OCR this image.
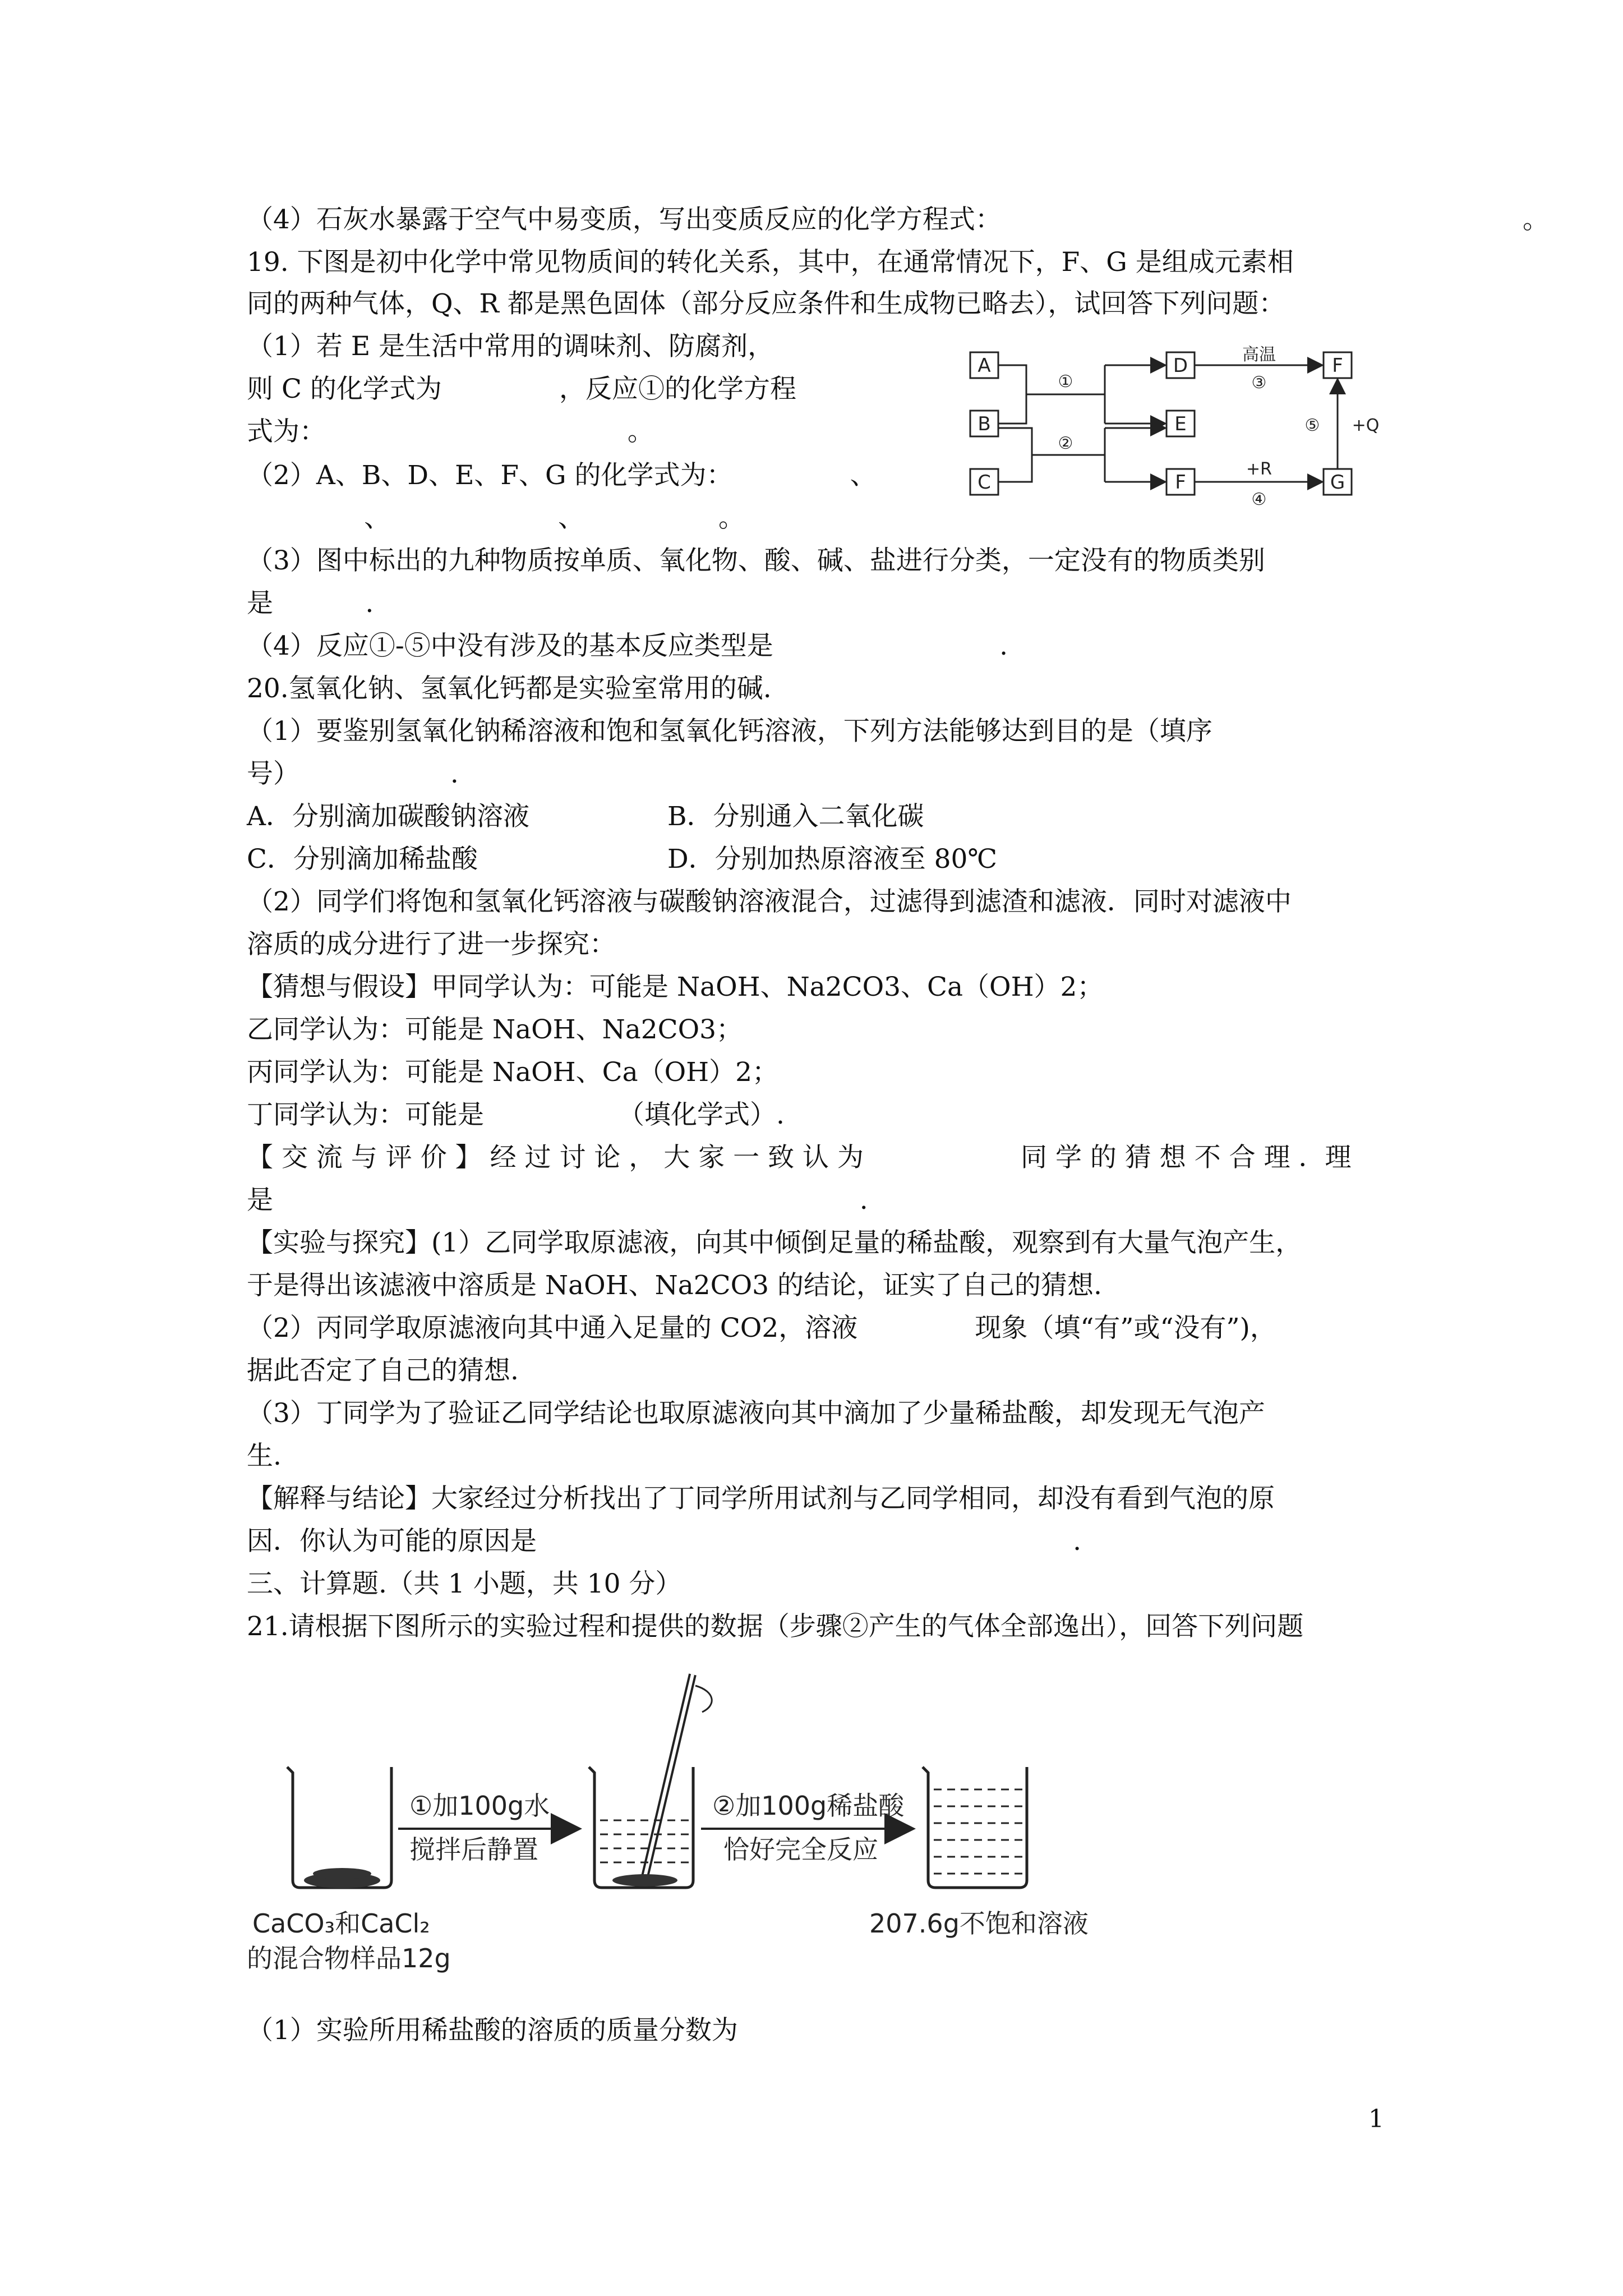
（4）石灰水暴露于空气中易变质，写出变质反应的化学方程式：	。
19. 下图是初中化学中常见物质间的转化关系，其中，在通常情况下，F、G 是组成元素相
同的两种气体，Q、R 都是黑色固体（部分反应条件和生成物已略去），试回答下列问题：
（1）若 E 是生活中常用的调味剂、防腐剂，
则 C 的化学式为              ，反应①的化学方程
式为：                                    。
（2）A、B、D、E、F、G 的化学式为：              、
、                    、                。
（3）图中标出的九种物质按单质、氧化物、酸、碱、盐进行分类，一定没有的物质类别
是           .
（4）反应①-⑤中没有涉及的基本反应类型是                           .
A
B
C
D
E
F
F
G
①
②
高温
③
+R
④
⑤ +Q
20.氢氧化钠、氢氧化钙都是实验室常用的碱.
（1）要鉴别氢氧化钠稀溶液和饱和氢氧化钙溶液，下列方法能够达到目的是（填序
号）                  .
A．分别滴加碳酸钠溶液	B．分别通入二氧化碳
C．分别滴加稀盐酸	D．分别加热原溶液至 80℃
（2）同学们将饱和氢氧化钙溶液与碳酸钠溶液混合，过滤得到滤渣和滤液．同时对滤液中
溶质的成分进行了进一步探究：
【猜想与假设】甲同学认为：可能是 NaOH、Na2CO3、Ca（OH）2；
乙同学认为：可能是 NaOH、Na2CO3；
丙同学认为：可能是 NaOH、Ca（OH）2；
丁同学认为：可能是                （填化学式）.
【 交 流 与 评 价 】 经 过 讨 论 ， 大 家 一 致 认 为	同 学 的 猜 想 不 合 理 ．理
是                                                                      .
【实验与探究】(1）乙同学取原滤液，向其中倾倒足量的稀盐酸，观察到有大量气泡产生，
于是得出该滤液中溶质是 NaOH、Na2CO3 的结论，证实了自己的猜想.
（2）丙同学取原滤液向其中通入足量的 CO2，溶液              现象（填“有”或“没有”)，
据此否定了自己的猜想.
（3）丁同学为了验证乙同学结论也取原滤液向其中滴加了少量稀盐酸，却发现无气泡产
生.
【解释与结论】大家经过分析找出了丁同学所用试剂与乙同学相同，却没有看到气泡的原
因．你认为可能的原因是                                                                .
三、计算题.（共 1 小题，共 10 分）
21.请根据下图所示的实验过程和提供的数据（步骤②产生的气体全部逸出），回答下列问题
①加100g水
搅拌后静置
②加100g稀盐酸
恰好完全反应
CaCO₃和CaCl₂
的混合物样品12g
207.6g不饱和溶液
（1）实验所用稀盐酸的溶质的质量分数为
1
